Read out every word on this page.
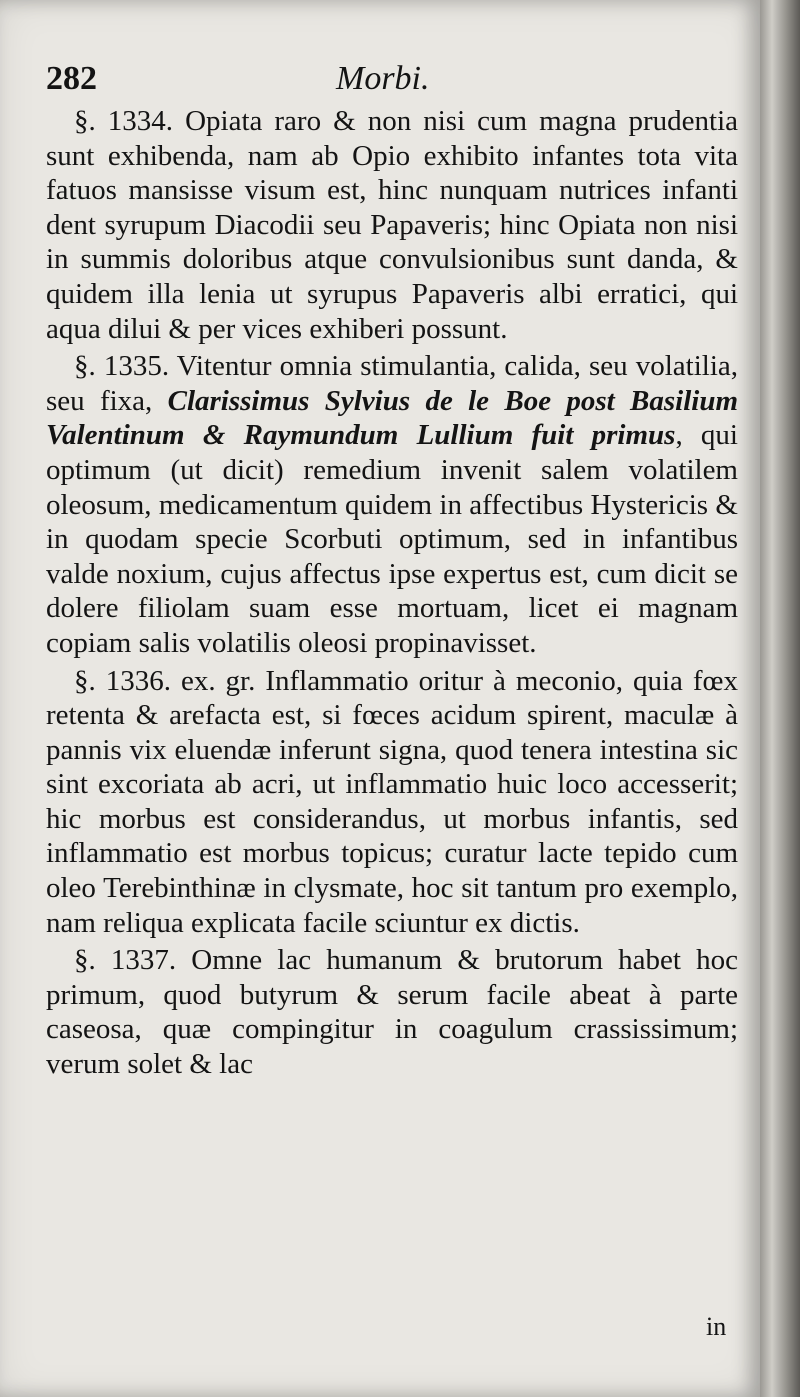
282	Morbi.

§. 1334. Opiata raro & non nisi cum magna prudentia sunt exhibenda, nam ab Opio exhibito infantes tota vita fatuos mansisse visum est, hinc nunquam nutrices infanti dent syrupum Diacodii seu Papaveris; hinc Opiata non nisi in summis doloribus atque convulsionibus sunt danda, & quidem illa lenia ut syrupus Papaveris albi erratici, qui aqua dilui & per vices exhiberi possunt.

§. 1335. Vitentur omnia stimulantia, calida, seu volatilia, seu fixa, Clarissimus Sylvius de le Boe post Basilium Valentinum & Raymundum Lullium fuit primus, qui optimum (ut dicit) remedium invenit salem volatilem oleosum, medicamentum quidem in affectibus Hystericis & in quodam specie Scorbuti optimum, sed in infantibus valde noxium, cujus affectus ipse expertus est, cum dicit se dolere filiolam suam esse mortuam, licet ei magnam copiam salis volatilis oleosi propinavisset.

§. 1336. ex. gr. Inflammatio oritur à meconio, quia fœx retenta & arefacta est, si fœces acidum spirent, maculæ à pannis vix eluendæ inferunt signa, quod tenera intestina sic sint excoriata ab acri, ut inflammatio huic loco accesserit; hic morbus est considerandus, ut morbus infantis, sed inflammatio est morbus topicus; curatur lacte tepido cum oleo Terebinthinæ in clysmate, hoc sit tantum pro exemplo, nam reliqua explicata facile sciuntur ex dictis.

§. 1337. Omne lac humanum & brutorum habet hoc primum, quod butyrum & serum facile abeat à parte caseosa, quæ compingitur in coagulum crassissimum; verum solet & lac

in
